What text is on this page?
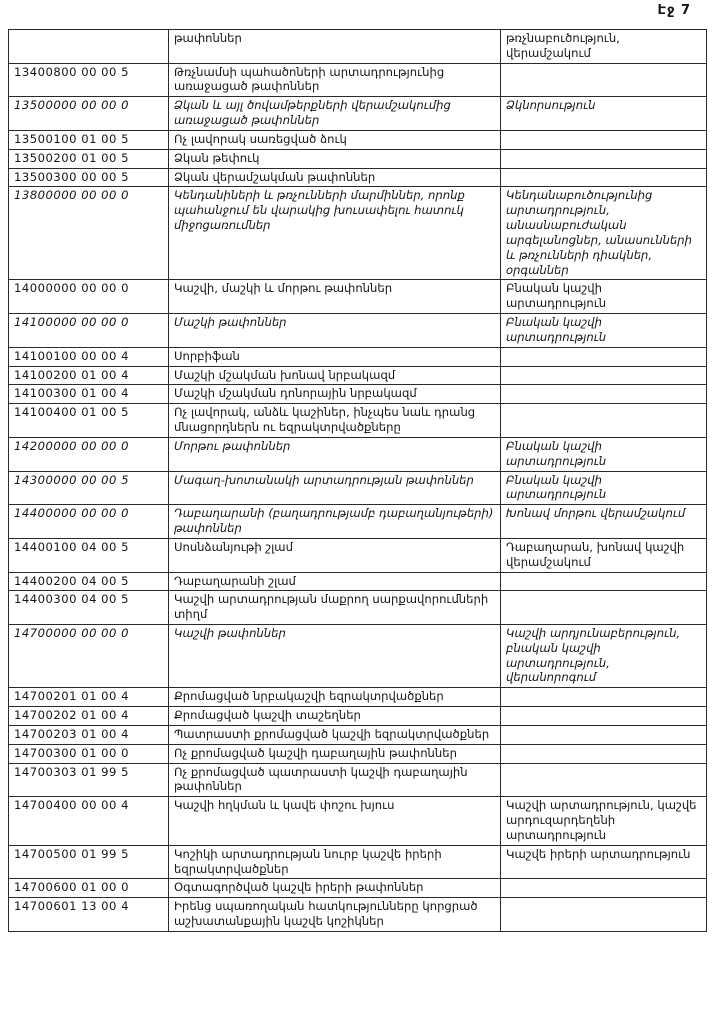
Էջ 7
	թափոններ	թռչնաբուծություն, վերամշակում
13400800 00 00 5	Թռչնամսի պահածոների արտադրությունից առաջացած թափոններ	
13500000 00 00 0	Ձկան և այլ ծովամթերքների վերամշակումից առաջացած թափոններ	Ձկնորսություն
13500100 01 00 5	Ոչ լավորակ սառեցված ձուկ	
13500200 01 00 5	Ձկան թեփուկ	
13500300 00 00 5	Ձկան վերամշակման թափոններ	
13800000 00 00 0	Կենդանիների և թռչունների մարմիններ, որոնք պահանջում են վարակից խուսափելու հատուկ միջոցառումներ	Կենդանաբուծությունից արտադրություն, անասնաբուժական արգելանոցներ, անասունների և թռչունների դիակներ, օրգաններ
14000000 00 00 0	Կաշվի, մաշկի և մորթու թափոններ	Բնական կաշվի արտադրություն
14100000 00 00 0	Մաշկի թափոններ	Բնական կաշվի արտադրություն
14100100 00 00 4	Սորբիֆան	
14100200 01 00 4	Մաշկի մշակման խոնավ նրբակազմ	
14100300 01 00 4	Մաշկի մշակման դոնորային նրբակազմ	
14100400 01 00 5	Ոչ լավորակ, անձև կաշիներ, ինչպես նաև դրանց մնացորդներն ու եզրակտրվածքները	
14200000 00 00 0	Մորթու թափոններ	Բնական կաշվի արտադրություն
14300000 00 00 5	Մագաղ-խոտանակի արտադրության թափոններ	Բնական կաշվի արտադրություն
14400000 00 00 0	Դաբաղարանի (բաղադրությամբ դաբաղանյութերի) թափոններ	Խոնավ մորթու վերամշակում
14400100 04 00 5	Սոսնձանյութի շլամ	Դաբաղարան, խոնավ կաշվի վերամշակում
14400200 04 00 5	Դաբաղարանի շլամ	
14400300 04 00 5	Կաշվի արտադրության մաքրող սարքավորումների տիղմ	
14700000 00 00 0	Կաշվի թափոններ	Կաշվի արդյունաբերություն, բնական կաշվի արտադրություն, վերանորոգում
14700201 01 00 4	Քրոմացված նրբակաշվի եզրակտրվածքներ	
14700202 01 00 4	Քրոմացված կաշվի տաշեղներ	
14700203 01 00 4	Պատրաստի քրոմացված կաշվի եզրակտրվածքներ	
14700300 01 00 0	Ոչ քրոմացված կաշվի դաբաղային թափոններ	
14700303 01 99 5	Ոչ քրոմացված պատրաստի կաշվի դաբաղային թափոններ	
14700400 00 00 4	Կաշվի հղկման և կավե փոշու խյուս	Կաշվի արտադրություն, կաշվե արդուզարդեղենի արտադրություն
14700500 01 99 5	Կոշիկի արտադրության նուրբ կաշվե իրերի եզրակտրվածքներ	Կաշվե իրերի արտադրություն
14700600 01 00 0	Օգտագործված կաշվե իրերի թափոններ	
14700601 13 00 4	Իրենց սպառողական հատկությունները կորցրած աշխատանքային կաշվե կոշիկներ	
